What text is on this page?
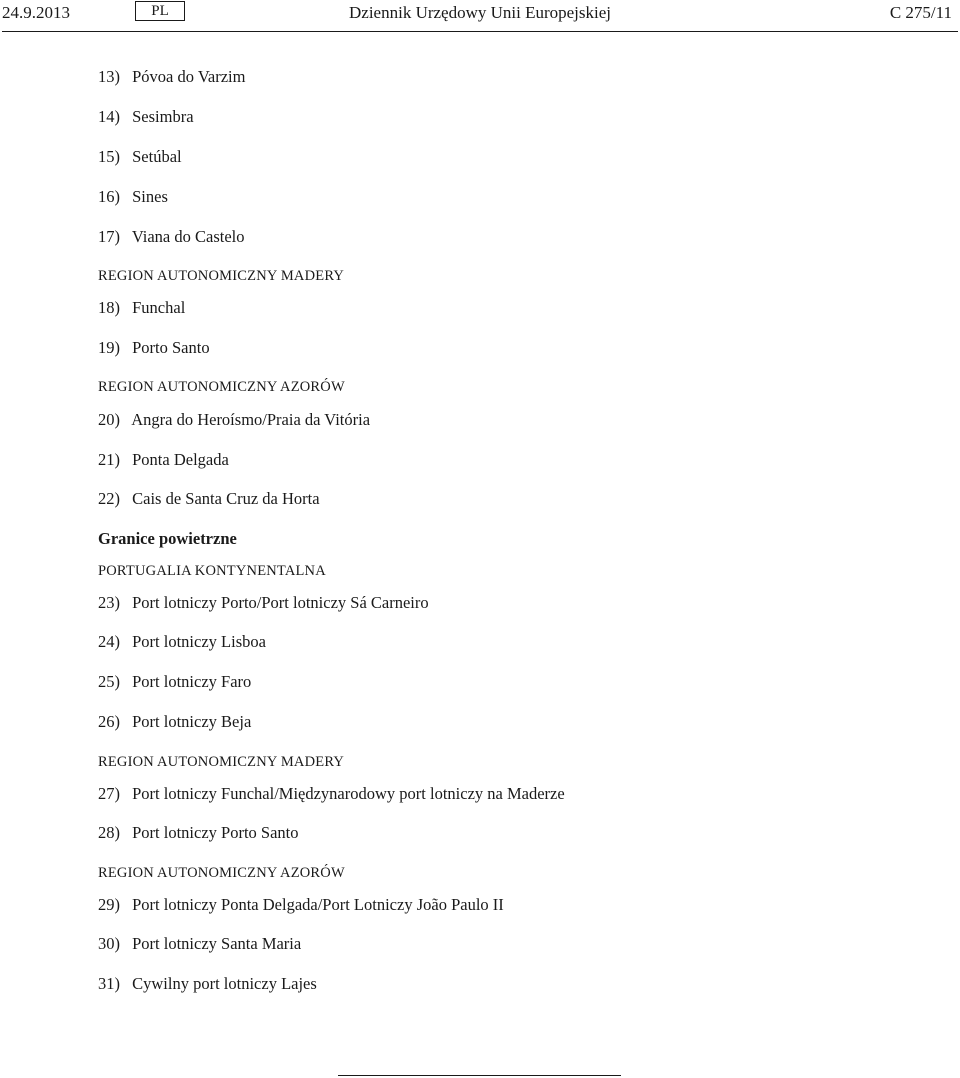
24.9.2013	PL	Dziennik Urzędowy Unii Europejskiej	C 275/11
13) Póvoa do Varzim
14) Sesimbra
15) Setúbal
16) Sines
17) Viana do Castelo
REGION AUTONOMICZNY MADERY
18) Funchal
19) Porto Santo
REGION AUTONOMICZNY AZORÓW
20) Angra do Heroísmo/Praia da Vitória
21) Ponta Delgada
22) Cais de Santa Cruz da Horta
Granice powietrzne
PORTUGALIA KONTYNENTALNA
23) Port lotniczy Porto/Port lotniczy Sá Carneiro
24) Port lotniczy Lisboa
25) Port lotniczy Faro
26) Port lotniczy Beja
REGION AUTONOMICZNY MADERY
27) Port lotniczy Funchal/Międzynarodowy port lotniczy na Maderze
28) Port lotniczy Porto Santo
REGION AUTONOMICZNY AZORÓW
29) Port lotniczy Ponta Delgada/Port Lotniczy João Paulo II
30) Port lotniczy Santa Maria
31) Cywilny port lotniczy Lajes
